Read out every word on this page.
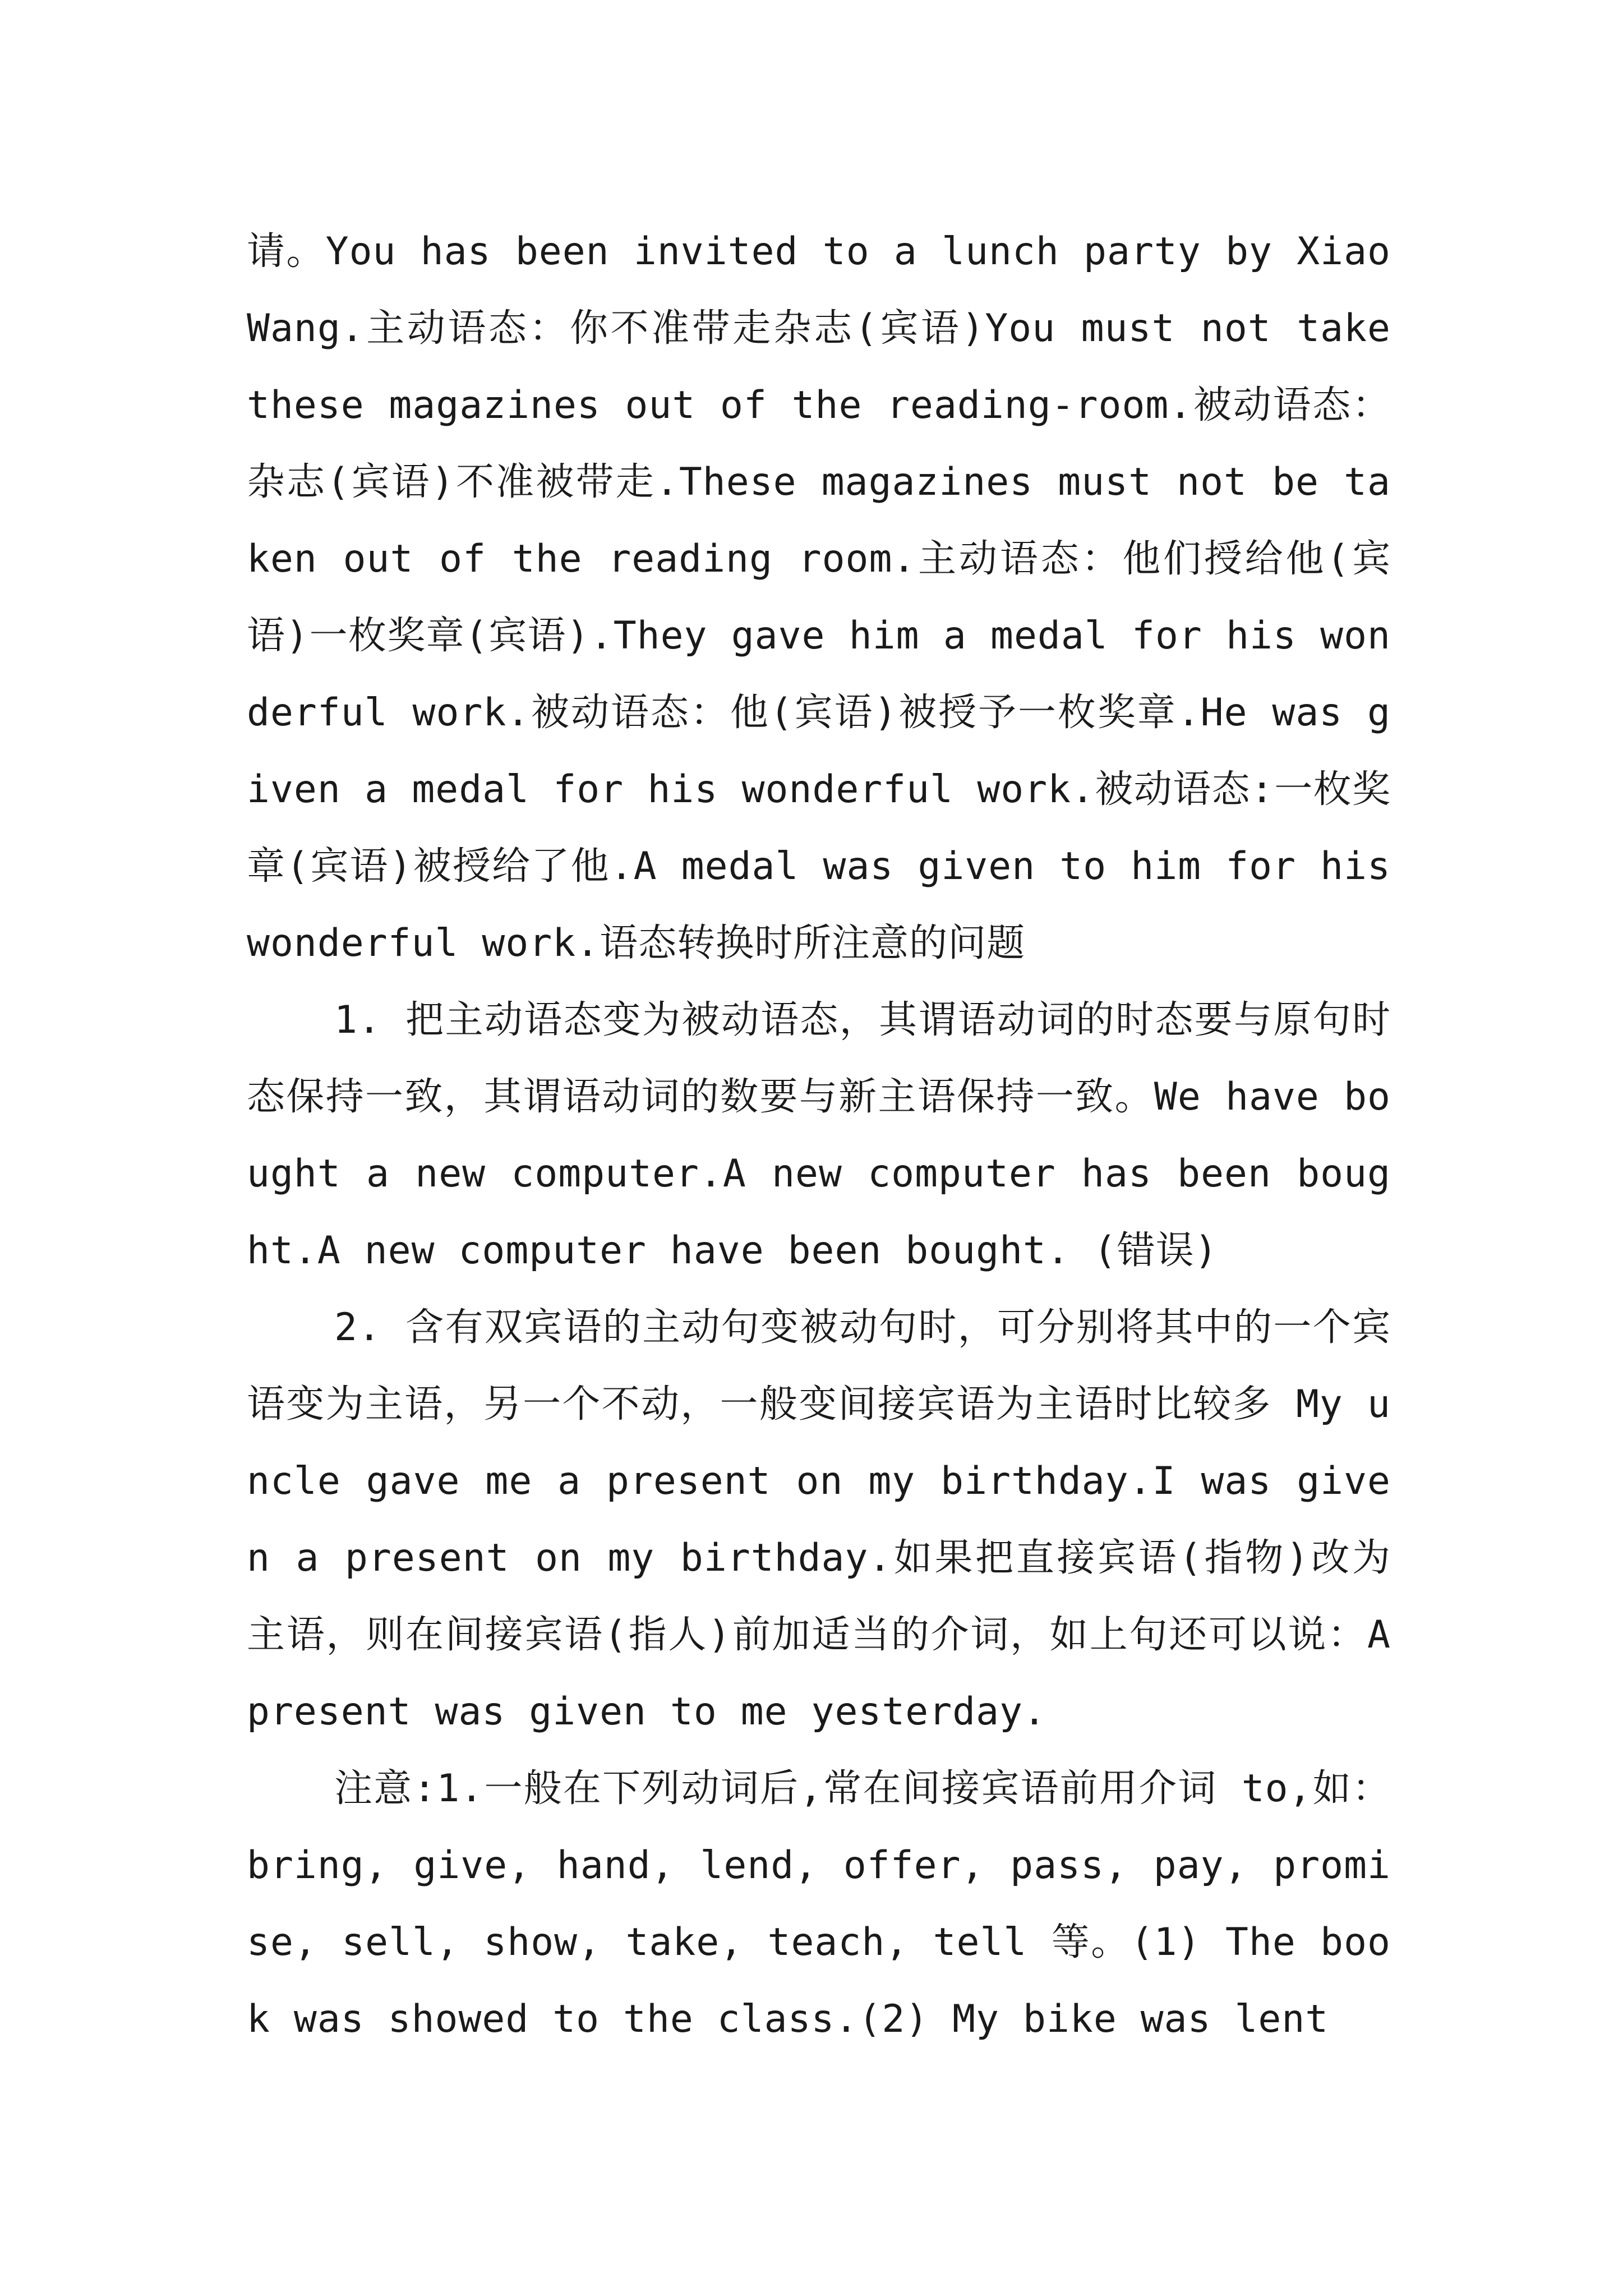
请。You has been invited to a lunch party by Xiao Wang.主动语态：你不准带走杂志(宾语)You must not take these magazines out of the reading-room.被动语态：杂志(宾语)不准被带走.These magazines must not be taken out of the reading room.主动语态：他们授给他(宾语)一枚奖章(宾语).They gave him a medal for his wonderful work.被动语态：他(宾语)被授予一枚奖章.He was given a medal for his wonderful work.被动语态:一枚奖章(宾语)被授给了他.A medal was given to him for his wonderful work.语态转换时所注意的问题

1. 把主动语态变为被动语态，其谓语动词的时态要与原句时态保持一致，其谓语动词的数要与新主语保持一致。We have bought a new computer.A new computer has been bought.A new computer have been bought. (错误)

2. 含有双宾语的主动句变被动句时，可分别将其中的一个宾语变为主语，另一个不动，一般变间接宾语为主语时比较多 My uncle gave me a present on my birthday.I was given a present on my birthday.如果把直接宾语(指物)改为主语，则在间接宾语(指人)前加适当的介词，如上句还可以说：A present was given to me yesterday.

注意:1.一般在下列动词后,常在间接宾语前用介词 to,如：bring, give, hand, lend, offer, pass, pay, promise, sell, show, take, teach, tell 等。(1) The book was showed to the class.(2) My bike was lent
